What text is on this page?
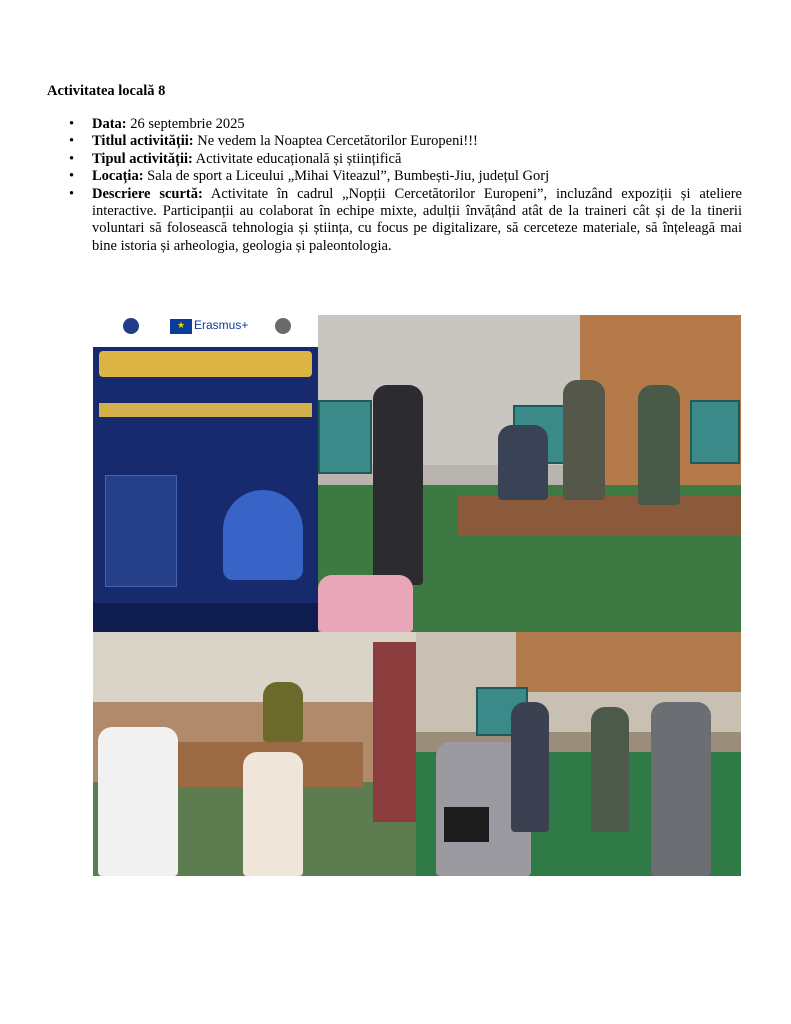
Activitatea locală 8
• Data: 26 septembrie 2025
• Titlul activității: Ne vedem la Noaptea Cercetătorilor Europeni!!!
• Tipul activității: Activitate educațională și științifică
• Locația: Sala de sport a Liceului „Mihai Viteazul”, Bumbești-Jiu, județul Gorj
• Descriere scurtă: Activitate în cadrul „Nopții Cercetătorilor Europeni”, incluzând expoziții și ateliere interactive. Participanții au colaborat în echipe mixte, adulții învățând atât de la traineri cât și de la tinerii voluntari să folosească tehnologia și știința, cu focus pe digitalizare, să cerceteze materiale, să înțeleagă mai bine istoria și arheologia, geologia și paleontologia.
★ Erasmus+
